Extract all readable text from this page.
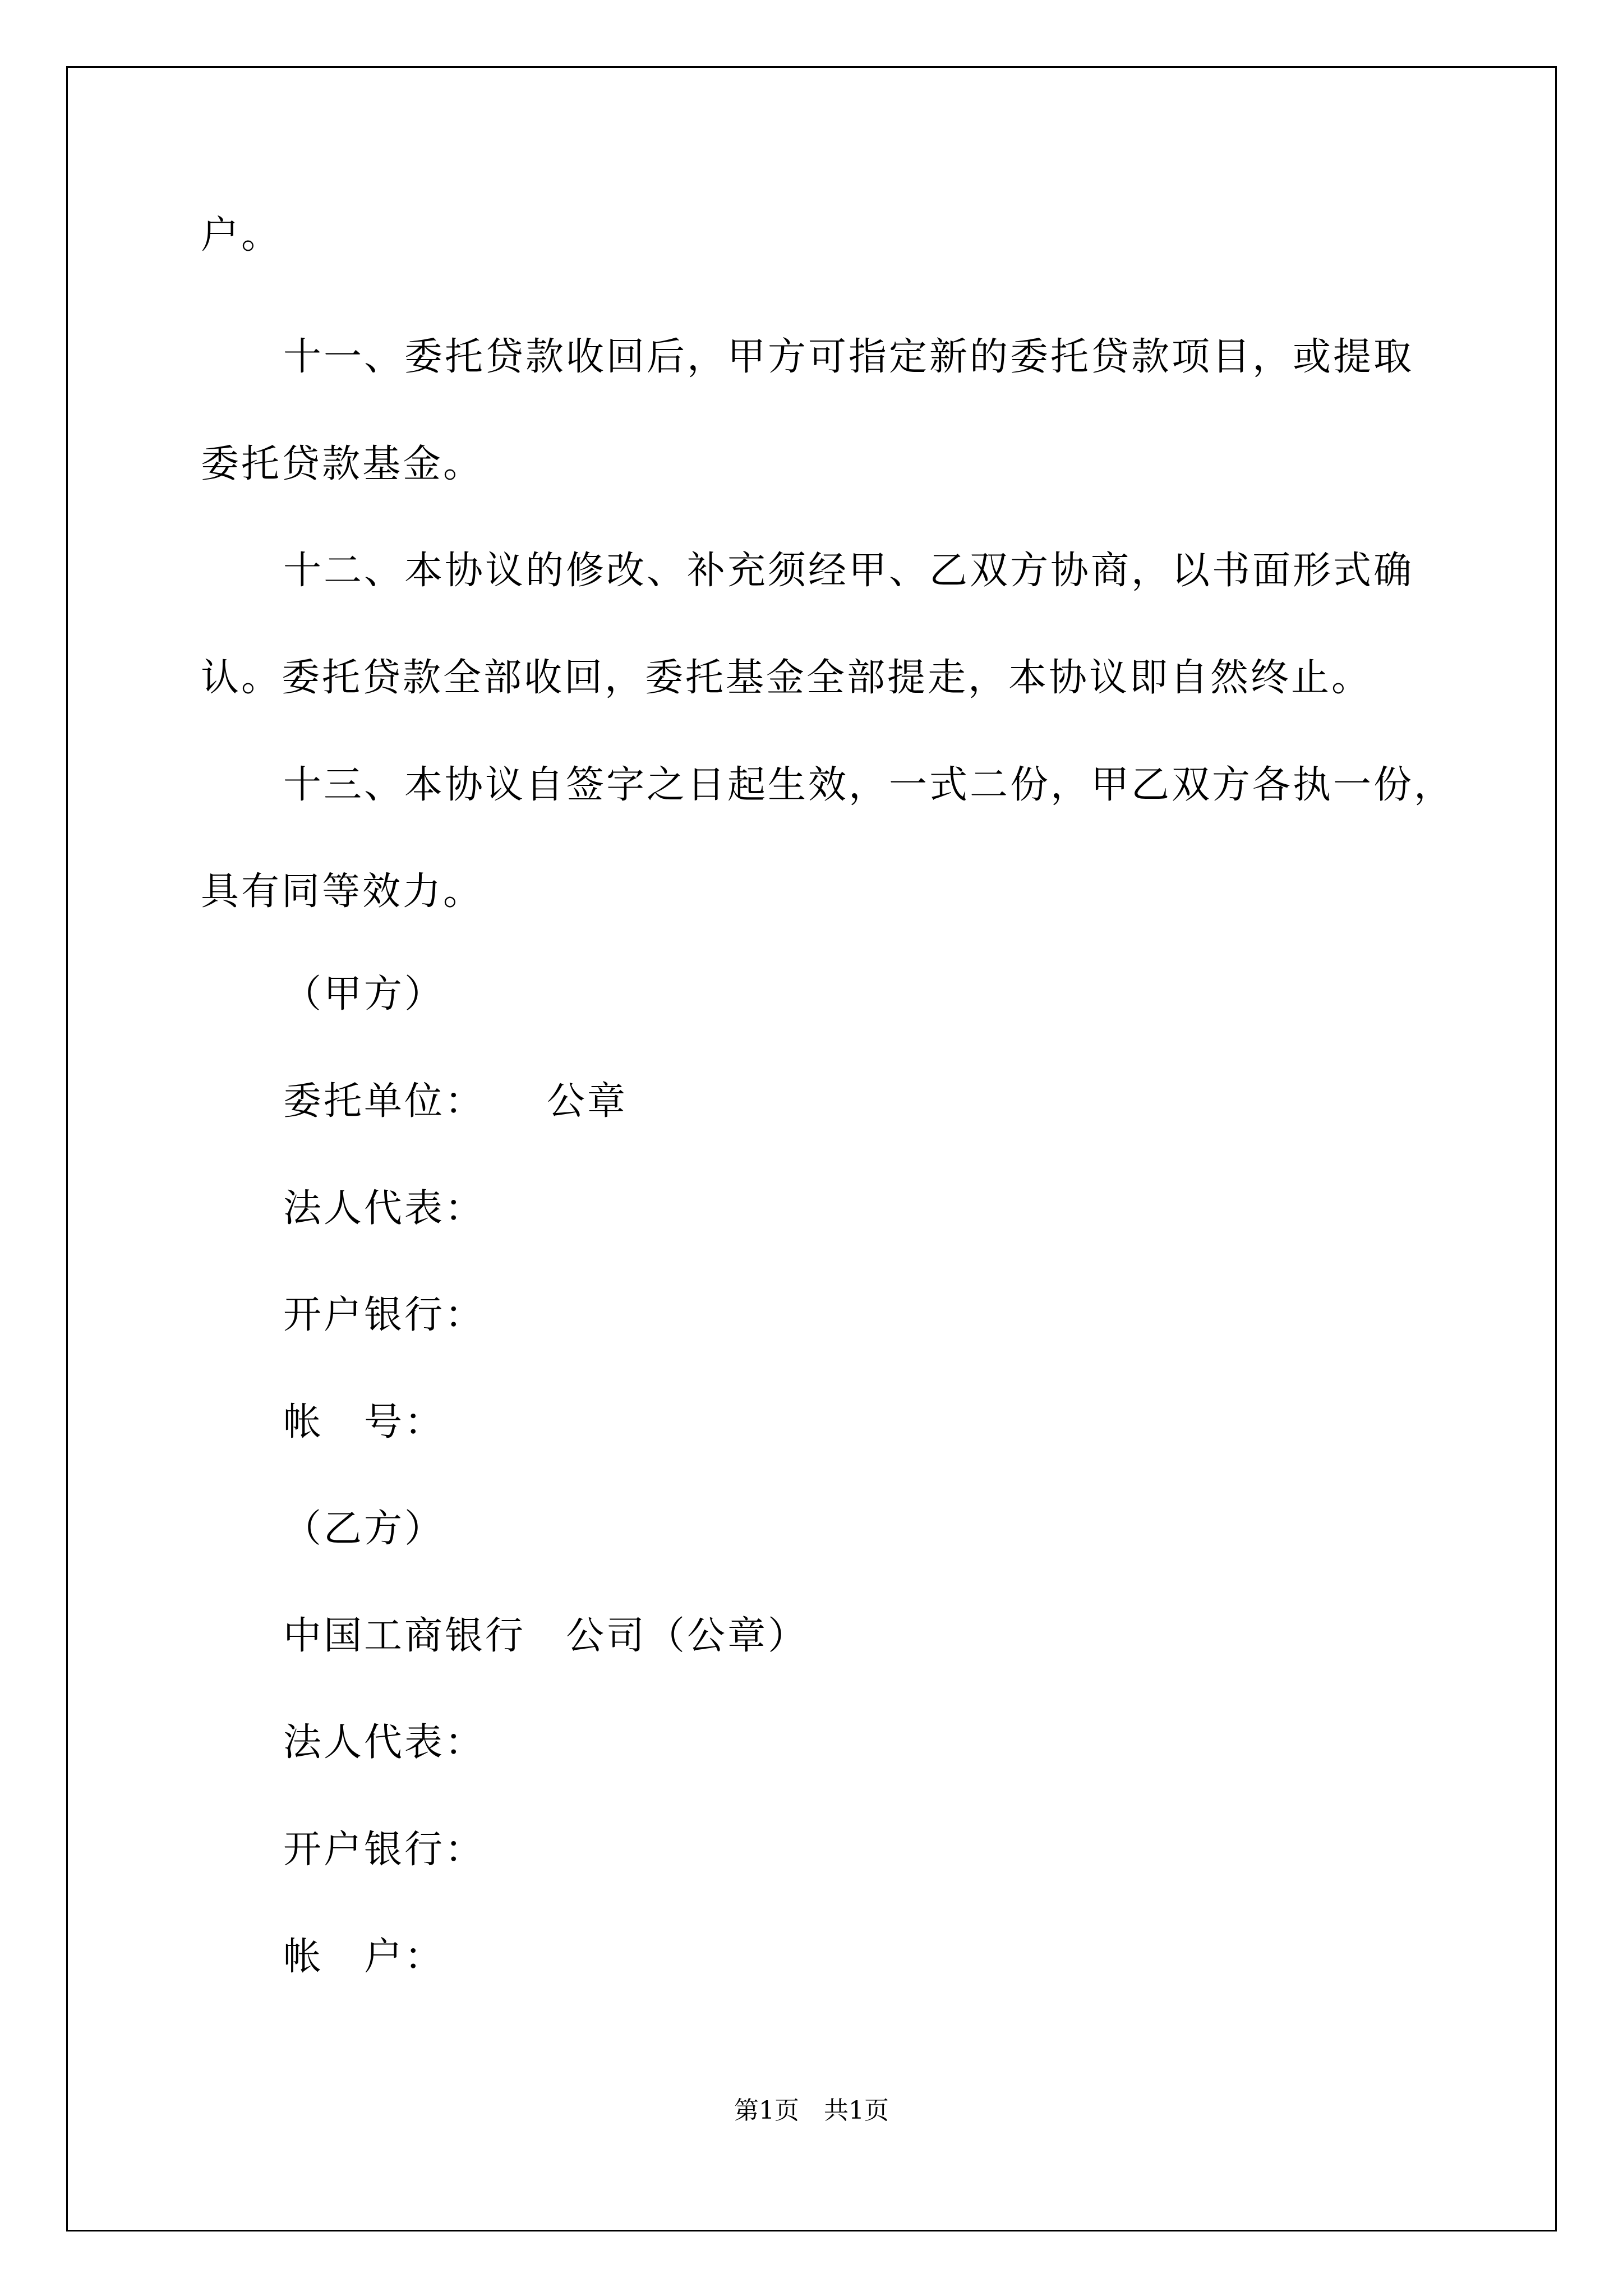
户。
十一、委托贷款收回后，甲方可指定新的委托贷款项目，或提取
委托贷款基金。
十二、本协议的修改、补充须经甲、乙双方协商，以书面形式确
认。委托贷款全部收回，委托基金全部提走，本协议即自然终止。
十三、本协议自签字之日起生效，一式二份，甲乙双方各执一份，
具有同等效力。
（甲方）
委托单位：　　公章
法人代表：
开户银行：
帐　号：
（乙方）
中国工商银行　公司（公章）
法人代表：
开户银行：
帐　户：
第1页　共1页
